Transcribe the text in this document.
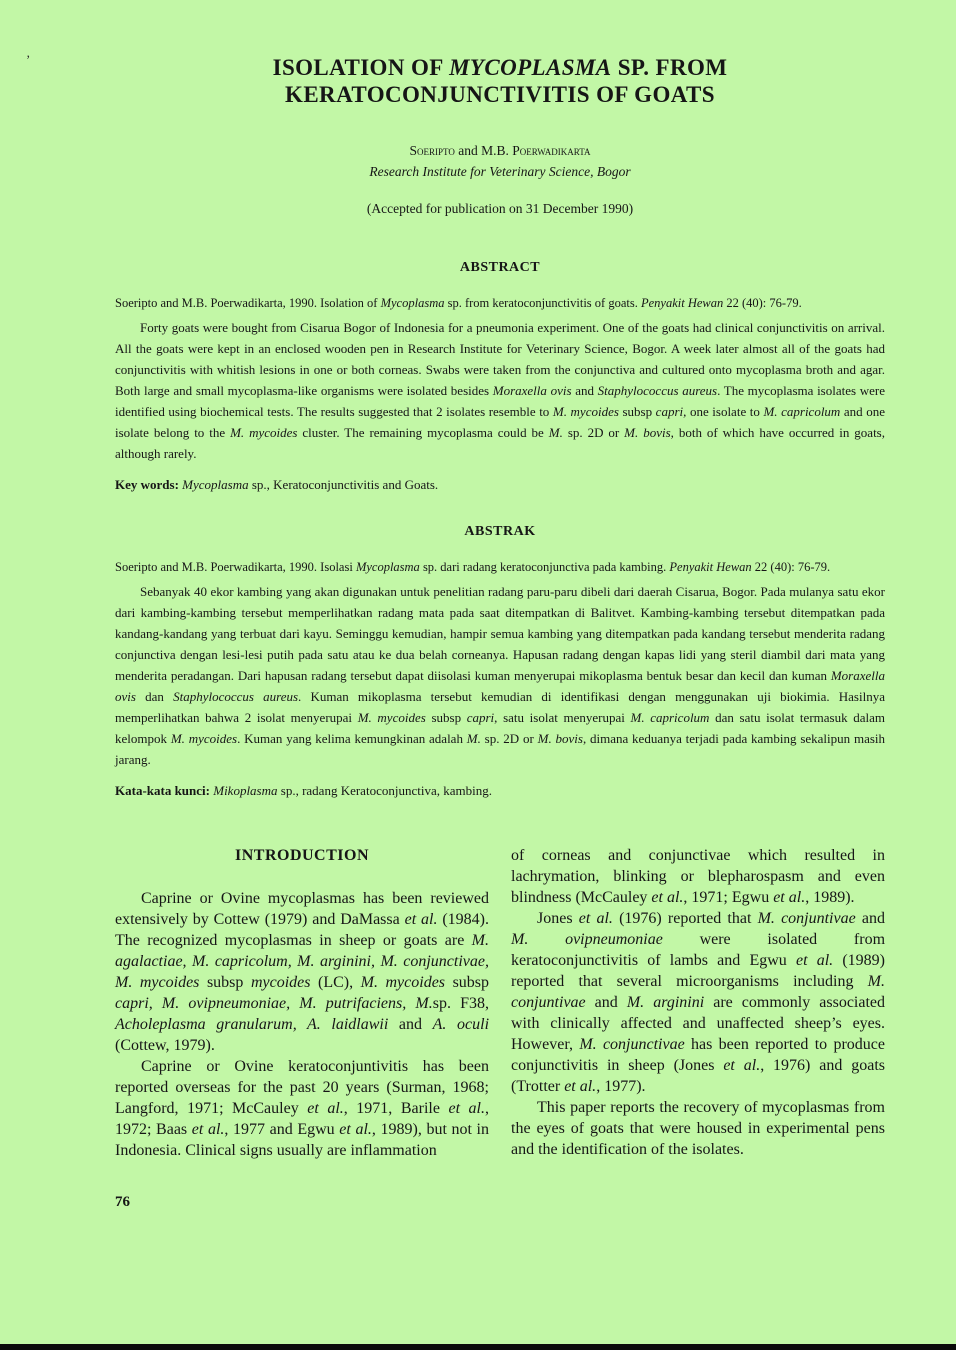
’	ISOLATION OF MYCOPLASMA SP. FROM
KERATOCONJUNCTIVITIS OF GOATS
Soeripto and M.B. Poerwadikarta
Research Institute for Veterinary Science, Bogor
(Accepted for publication on 31 December 1990)
ABSTRACT
Soeripto and M.B. Poerwadikarta, 1990. Isolation of Mycoplasma sp. from keratoconjunctivitis of goats. Penyakit Hewan 22 (40): 76-79.
Forty goats were bought from Cisarua Bogor of Indonesia for a pneumonia experiment. One of the goats had clinical conjunctivitis on arrival. All the goats were kept in an enclosed wooden pen in Research Institute for Veterinary Science, Bogor. A week later almost all of the goats had conjunctivitis with whitish lesions in one or both corneas. Swabs were taken from the conjunctiva and cultured onto mycoplasma broth and agar. Both large and small mycoplasma-like organisms were isolated besides Moraxella ovis and Staphylococcus aureus. The mycoplasma isolates were identified using biochemical tests. The results suggested that 2 isolates resemble to M. mycoides subsp capri, one isolate to M. capricolum and one isolate belong to the M. mycoides cluster. The remaining mycoplasma could be M. sp. 2D or M. bovis, both of which have occurred in goats, although rarely.
Key words: Mycoplasma sp., Keratoconjunctivitis and Goats.
ABSTRAK
Soeripto and M.B. Poerwadikarta, 1990. Isolasi Mycoplasma sp. dari radang keratoconjunctiva pada kambing. Penyakit Hewan 22 (40): 76-79.
Sebanyak 40 ekor kambing yang akan digunakan untuk penelitian radang paru-paru dibeli dari daerah Cisarua, Bogor. Pada mulanya satu ekor dari kambing-kambing tersebut memperlihatkan radang mata pada saat ditempatkan di Balitvet. Kambing-kambing tersebut ditempatkan pada kandang-kandang yang terbuat dari kayu. Seminggu kemudian, hampir semua kambing yang ditempatkan pada kandang tersebut menderita radang conjunctiva dengan lesi-lesi putih pada satu atau ke dua belah corneanya. Hapusan radang dengan kapas lidi yang steril diambil dari mata yang menderita peradangan. Dari hapusan radang tersebut dapat diisolasi kuman menyerupai mikoplasma bentuk besar dan kecil dan kuman Moraxella ovis dan Staphylococcus aureus. Kuman mikoplasma tersebut kemudian di identifikasi dengan menggunakan uji biokimia. Hasilnya memperlihatkan bahwa 2 isolat menyerupai M. mycoides subsp capri, satu isolat menyerupai M. capricolum dan satu isolat termasuk dalam kelompok M. mycoides. Kuman yang kelima kemungkinan adalah M. sp. 2D or M. bovis, dimana keduanya terjadi pada kambing sekalipun masih jarang.
Kata-kata kunci: Mikoplasma sp., radang Keratoconjunctiva, kambing.
INTRODUCTION

Caprine or Ovine mycoplasmas has been reviewed extensively by Cottew (1979) and DaMassa et al. (1984). The recognized mycoplasmas in sheep or goats are M. agalactiae, M. capricolum, M. arginini, M. conjunctivae, M. mycoides subsp mycoides (LC), M. mycoides subsp capri, M. ovipneumoniae, M. putrifaciens, M.sp. F38, Acholeplasma granularum, A. laidlawii and A. oculi (Cottew, 1979).

Caprine or Ovine keratoconjuntivitis has been reported overseas for the past 20 years (Surman, 1968; Langford, 1971; McCauley et al., 1971, Barile et al., 1972; Baas et al., 1977 and Egwu et al., 1989), but not in Indonesia. Clinical signs usually are inflammation

of corneas and conjunctivae which resulted in lachrymation, blinking or blepharospasm and even blindness (McCauley et al., 1971; Egwu et al., 1989).

Jones et al. (1976) reported that M. conjuntivae and M. ovipneumoniae were isolated from keratoconjunctivitis of lambs and Egwu et al. (1989) reported that several microorganisms including M. conjuntivae and M. arginini are commonly associated with clinically affected and unaffected sheep’s eyes. However, M. conjunctivae has been reported to produce conjunctivitis in sheep (Jones et al., 1976) and goats (Trotter et al., 1977).

This paper reports the recovery of mycoplasmas from the eyes of goats that were housed in experimental pens and the identification of the isolates.

76
